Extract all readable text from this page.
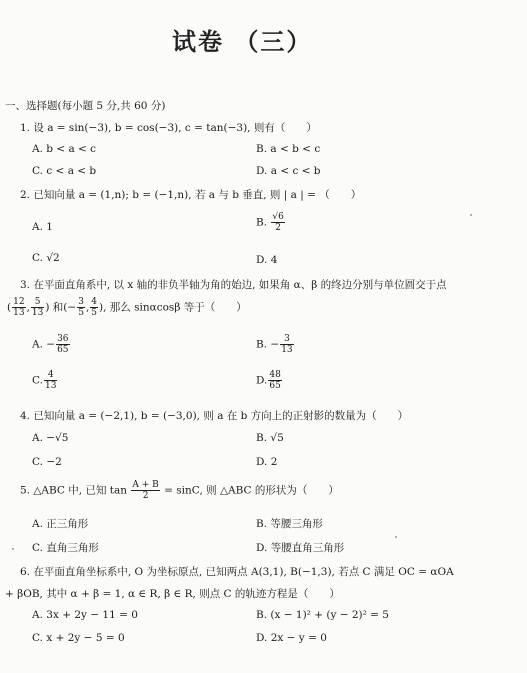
试卷 （三）
一、选择题(每小题 5 分,共 60 分)
1. 设 a = sin(−3), b = cos(−3), c = tan(−3), 则有（　　）
A. b < a < c	B. a < b < c
C. c < a < b	D. a < c < b
2. 已知向量 a = (1,n); b = (−1,n), 若 a 与 b 垂直, 则 | a | = （　　）
A. 1	B. $\frac{√6}{2}$
C. √2	D. 4
3. 在平面直角系中, 以 x 轴的非负半轴为角的始边, 如果角 α、β 的终边分别与单位圆交于点
( $\frac{12}{13}$ , $\frac{5}{13}$ ) 和(− $\frac{3}{5}$ , $\frac{4}{5}$ ), 那么 sinαcosβ 等于（　　）
A. − $\frac{36}{65}$	B. − $\frac{3}{13}$
C. $\frac{4}{13}$	D. $\frac{48}{65}$
4. 已知向量 a = (−2,1), b = (−3,0), 则 a 在 b 方向上的正射影的数量为（　　）
A. −√5	B. √5
C. −2	D. 2
5. △ABC 中, 已知 $\tan \frac{A + B}{2} = \sin C$, 则 △ABC 的形状为（　　）
A. 正三角形	B. 等腰三角形
C. 直角三角形	D. 等腰直角三角形
6. 在平面直角坐标系中, O 为坐标原点, 已知两点 A(3,1), B(−1,3), 若点 C 满足 OC = αOA
+ βOB, 其中 α + β = 1, α ∈ R, β ∈ R, 则点 C 的轨迹方程是（　　）
A. 3x + 2y − 11 = 0	B. (x − 1)² + (y − 2)² = 5
C. x + 2y − 5 = 0	D. 2x − y = 0
